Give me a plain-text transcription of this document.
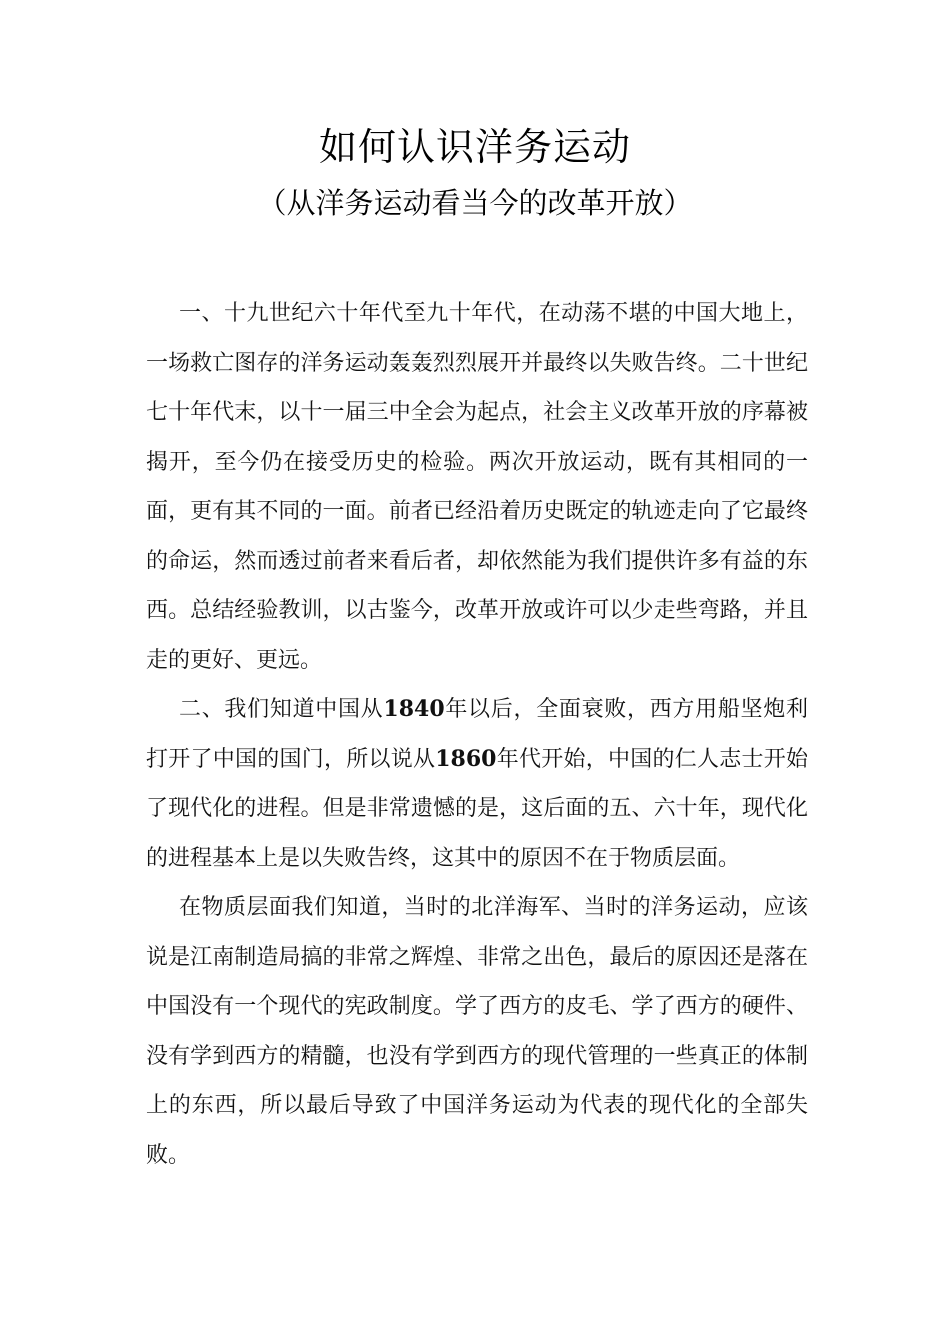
如何认识洋务运动
（从洋务运动看当今的改革开放）

一、十九世纪六十年代至九十年代，在动荡不堪的中国大地上，一场救亡图存的洋务运动轰轰烈烈展开并最终以失败告终。二十世纪七十年代末，以十一届三中全会为起点，社会主义改革开放的序幕被揭开，至今仍在接受历史的检验。两次开放运动，既有其相同的一面，更有其不同的一面。前者已经沿着历史既定的轨迹走向了它最终的命运，然而透过前者来看后者，却依然能为我们提供许多有益的东西。总结经验教训，以古鉴今，改革开放或许可以少走些弯路，并且走的更好、更远。

二、我们知道中国从1840年以后，全面衰败，西方用船坚炮利打开了中国的国门，所以说从1860年代开始，中国的仁人志士开始了现代化的进程。但是非常遗憾的是，这后面的五、六十年，现代化的进程基本上是以失败告终，这其中的原因不在于物质层面。

在物质层面我们知道，当时的北洋海军、当时的洋务运动，应该说是江南制造局搞的非常之辉煌、非常之出色，最后的原因还是落在中国没有一个现代的宪政制度。学了西方的皮毛、学了西方的硬件、没有学到西方的精髓，也没有学到西方的现代管理的一些真正的体制上的东西，所以最后导致了中国洋务运动为代表的现代化的全部失败。
